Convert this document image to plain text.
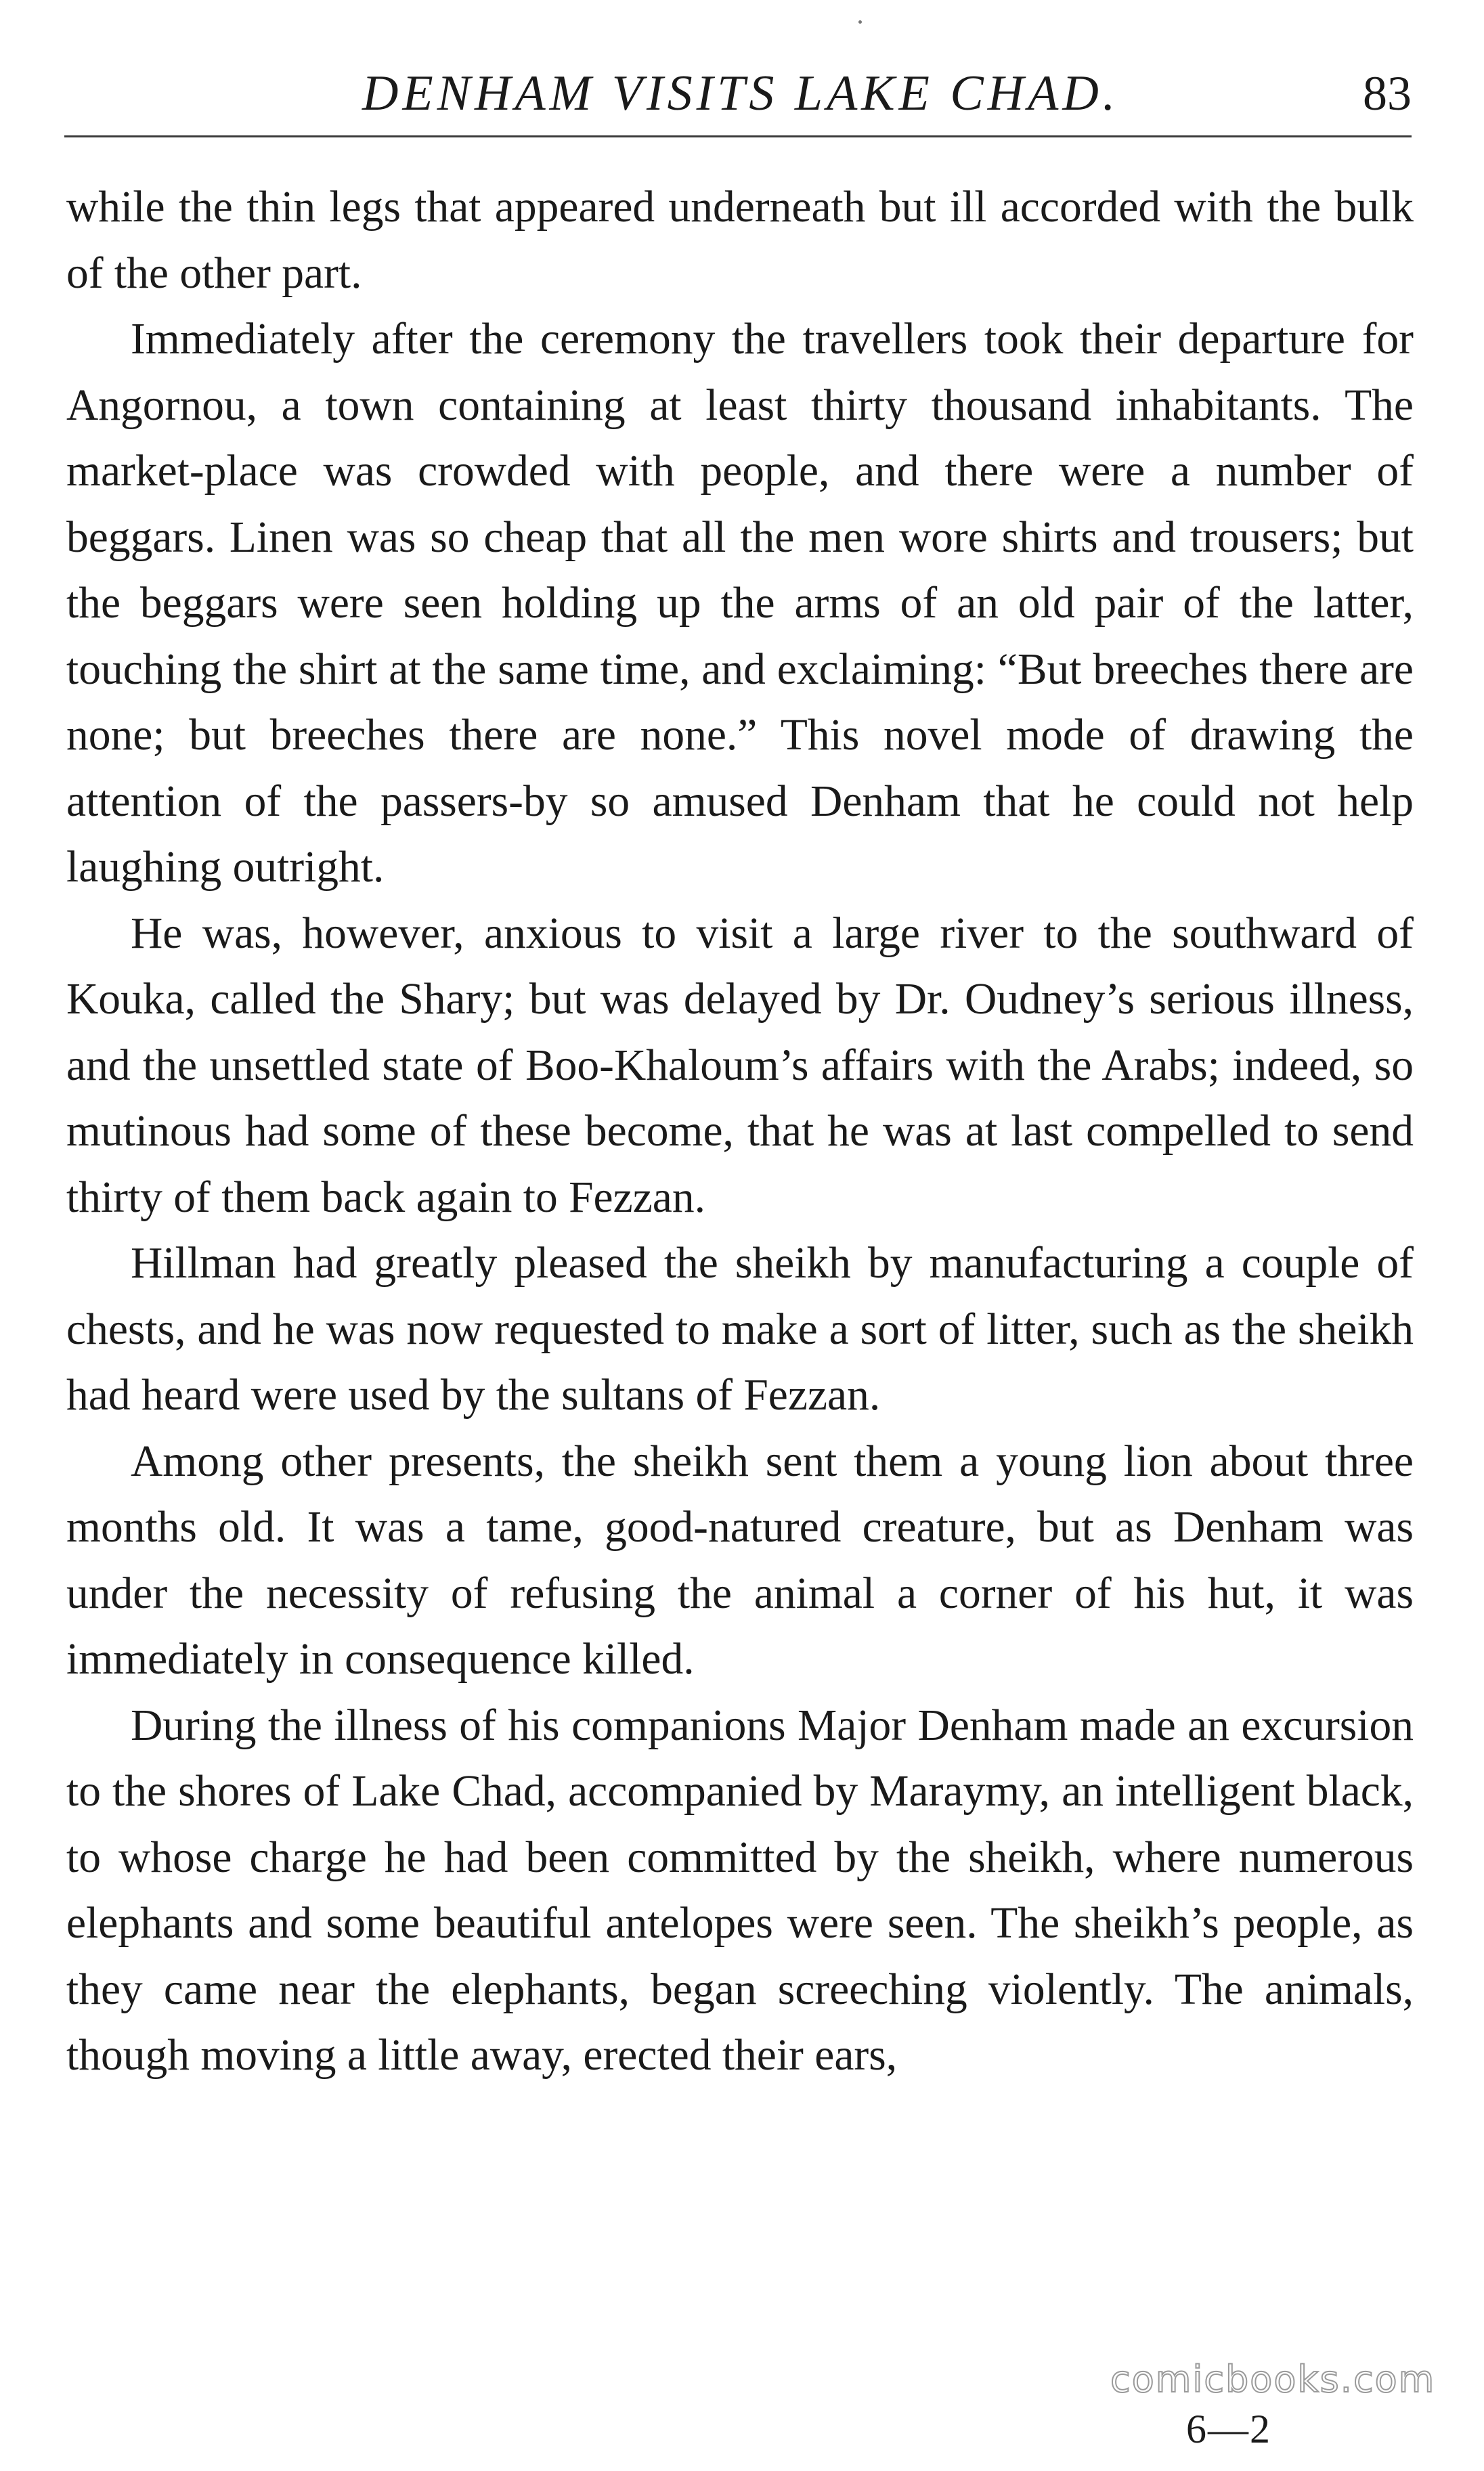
DENHAM VISITS LAKE CHAD.	83

while the thin legs that appeared underneath but ill accorded with the bulk of the other part.

Immediately after the ceremony the travellers took their departure for Angornou, a town containing at least thirty thousand inhabitants. The market-place was crowded with people, and there were a number of beggars. Linen was so cheap that all the men wore shirts and trousers; but the beggars were seen holding up the arms of an old pair of the latter, touching the shirt at the same time, and exclaiming: “But breeches there are none; but breeches there are none.” This novel mode of drawing the attention of the passers-by so amused Denham that he could not help laughing outright.

He was, however, anxious to visit a large river to the southward of Kouka, called the Shary; but was delayed by Dr. Oudney’s serious illness, and the unsettled state of Boo-Khaloum’s affairs with the Arabs; indeed, so mutinous had some of these become, that he was at last compelled to send thirty of them back again to Fezzan.

Hillman had greatly pleased the sheikh by manufacturing a couple of chests, and he was now requested to make a sort of litter, such as the sheikh had heard were used by the sultans of Fezzan.

Among other presents, the sheikh sent them a young lion about three months old. It was a tame, good-natured creature, but as Denham was under the necessity of refusing the animal a corner of his hut, it was immediately in consequence killed.

During the illness of his companions Major Denham made an excursion to the shores of Lake Chad, accompanied by Maraymy, an intelligent black, to whose charge he had been committed by the sheikh, where numerous elephants and some beautiful antelopes were seen. The sheikh’s people, as they came near the elephants, began screeching violently. The animals, though moving a little away, erected their ears,

comicbooks.com
6—2
